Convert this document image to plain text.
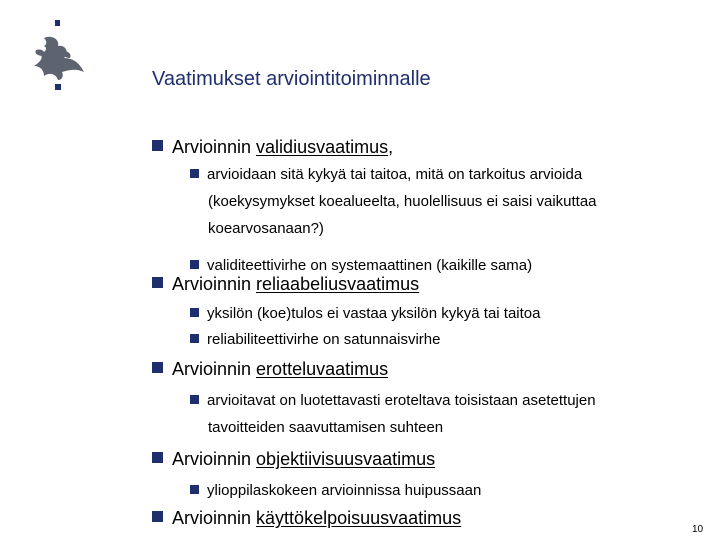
Vaatimukset arviointitoiminnalle
Arvioinnin validiusvaatimus,
arvioidaan sitä kykyä tai taitoa, mitä on tarkoitus arvioida
(koekysymykset koealueelta, huolellisuus ei saisi vaikuttaa
koearvosanaan?)
validiteettivirhe on systemaattinen (kaikille sama)
Arvioinnin reliaabeliusvaatimus
yksilön (koe)tulos ei vastaa yksilön kykyä tai taitoa
reliabiliteettivirhe on satunnaisvirhe
Arvioinnin erotteluvaatimus
arvioitavat on luotettavasti eroteltava toisistaan asetettujen
tavoitteiden saavuttamisen suhteen
Arvioinnin objektiivisuusvaatimus
ylioppilaskokeen arvioinnissa huipussaan
Arvioinnin käyttökelpoisuusvaatimus
10
